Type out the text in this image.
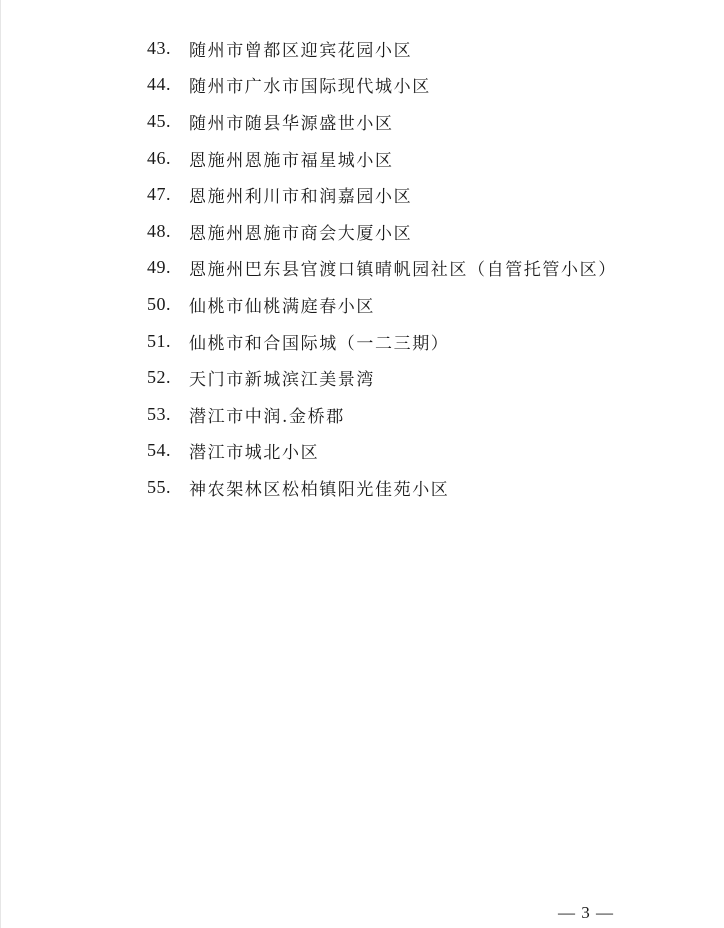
43.	随州市曾都区迎宾花园小区
44.	随州市广水市国际现代城小区
45.	随州市随县华源盛世小区
46.	恩施州恩施市福星城小区
47.	恩施州利川市和润嘉园小区
48.	恩施州恩施市商会大厦小区
49.	恩施州巴东县官渡口镇晴帆园社区（自管托管小区）
50.	仙桃市仙桃满庭春小区
51.	仙桃市和合国际城（一二三期）
52.	天门市新城滨江美景湾
53.	潜江市中润.金桥郡
54.	潜江市城北小区
55.	神农架林区松柏镇阳光佳苑小区
— 3 —
